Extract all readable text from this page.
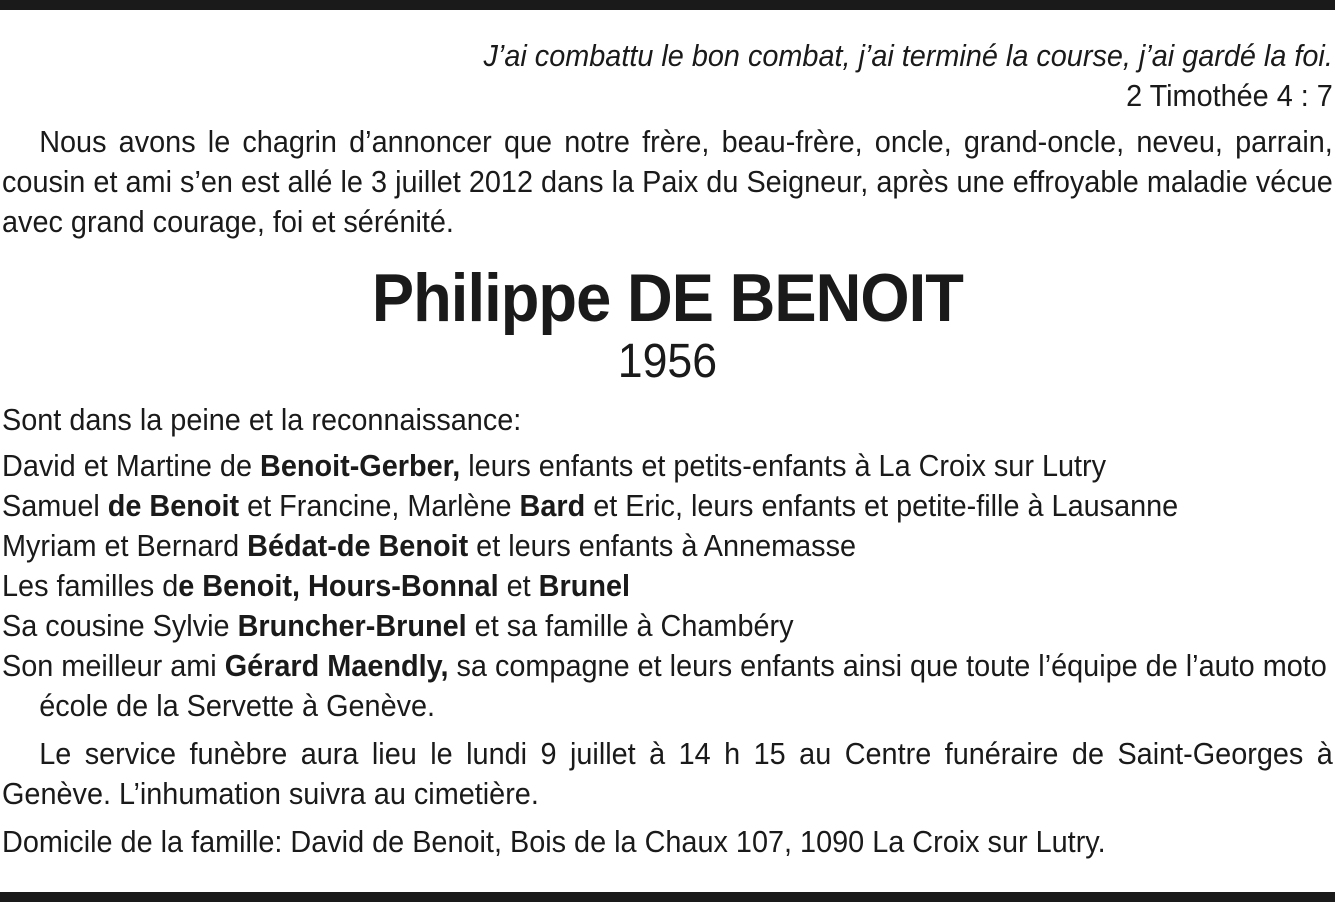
J’ai combattu le bon combat, j’ai terminé la course, j’ai gardé la foi.

2 Timothée 4 : 7

Nous avons le chagrin d’annoncer que notre frère, beau-frère, oncle, grand-oncle, neveu, parrain, cousin et ami s’en est allé le 3 juillet 2012 dans la Paix du Seigneur, après une effroyable maladie vécue avec grand courage, foi et sérénité.

Philippe DE BENOIT
1956

Sont dans la peine et la reconnaissance:

David et Martine de Benoit-Gerber, leurs enfants et petits-enfants à La Croix sur Lutry
Samuel de Benoit et Francine, Marlène Bard et Eric, leurs enfants et petite-fille à Lausanne
Myriam et Bernard Bédat-de Benoit et leurs enfants à Annemasse
Les familles de Benoit, Hours-Bonnal et Brunel
Sa cousine Sylvie Bruncher-Brunel et sa famille à Chambéry
Son meilleur ami Gérard Maendly, sa compagne et leurs enfants ainsi que toute l’équipe de l’auto moto école de la Servette à Genève.

Le service funèbre aura lieu le lundi 9 juillet à 14 h 15 au Centre funéraire de Saint-Georges à Genève. L’inhumation suivra au cimetière.

Domicile de la famille: David de Benoit, Bois de la Chaux 107, 1090 La Croix sur Lutry.
